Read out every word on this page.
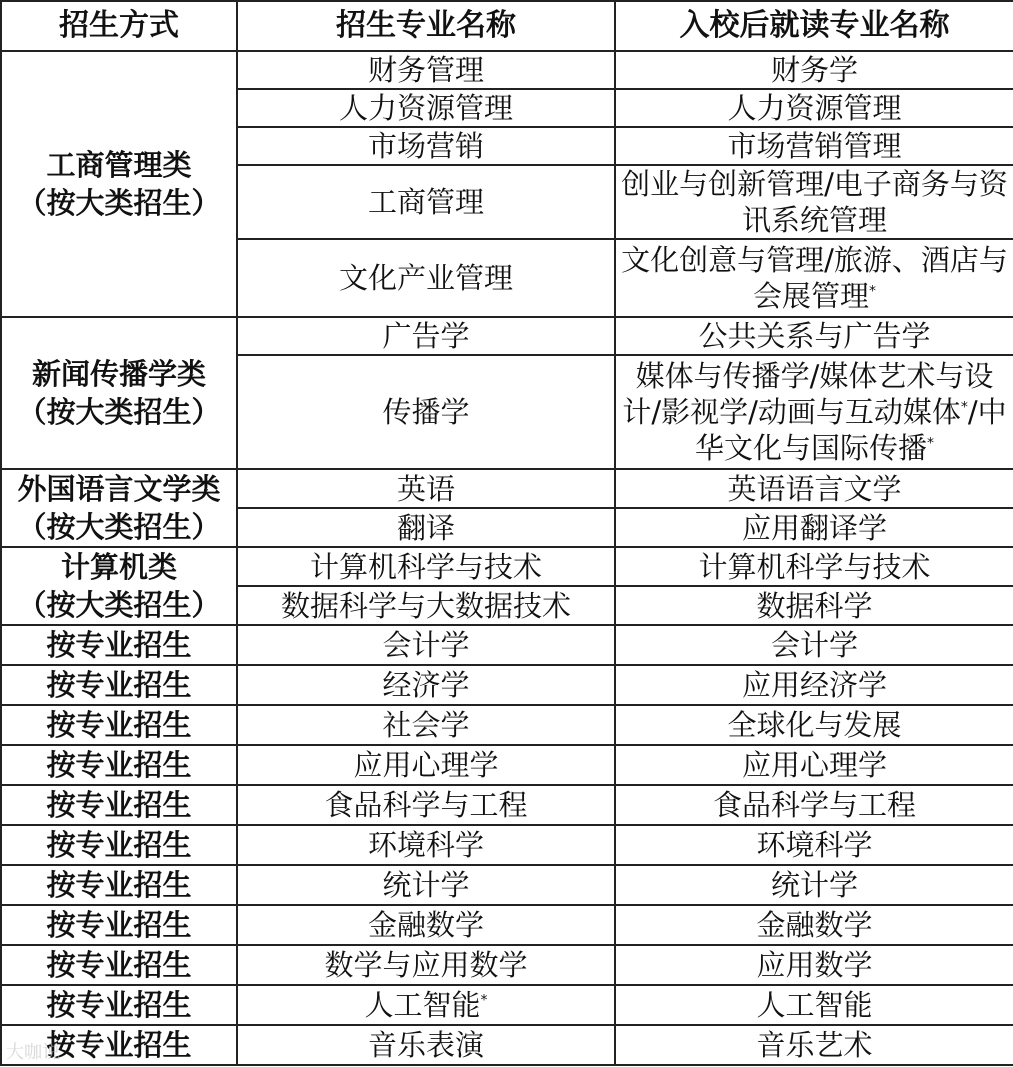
招生方式	招生专业名称	入校后就读专业名称

工商管理类
（按大类招生）	财务管理	财务学
	人力资源管理	人力资源管理
	市场营销	市场营销管理
	工商管理	创业与创新管理/电子商务与资讯系统管理
	文化产业管理	文化创意与管理/旅游、酒店与会展管理*

新闻传播学类
（按大类招生）	广告学	公共关系与广告学
	传播学	媒体与传播学/媒体艺术与设计/影视学/动画与互动媒体*/中华文化与国际传播*

外国语言文学类
（按大类招生）	英语	英语语言文学
	翻译	应用翻译学

计算机类
（按大类招生）	计算机科学与技术	计算机科学与技术
	数据科学与大数据技术	数据科学
按专业招生	会计学	会计学
按专业招生	经济学	应用经济学
按专业招生	社会学	全球化与发展
按专业招生	应用心理学	应用心理学
按专业招生	食品科学与工程	食品科学与工程
按专业招生	环境科学	环境科学
按专业招生	统计学	统计学
按专业招生	金融数学	金融数学
按专业招生	数学与应用数学	应用数学
按专业招生	人工智能*	人工智能
按专业招生	音乐表演	音乐艺术
大咖说
